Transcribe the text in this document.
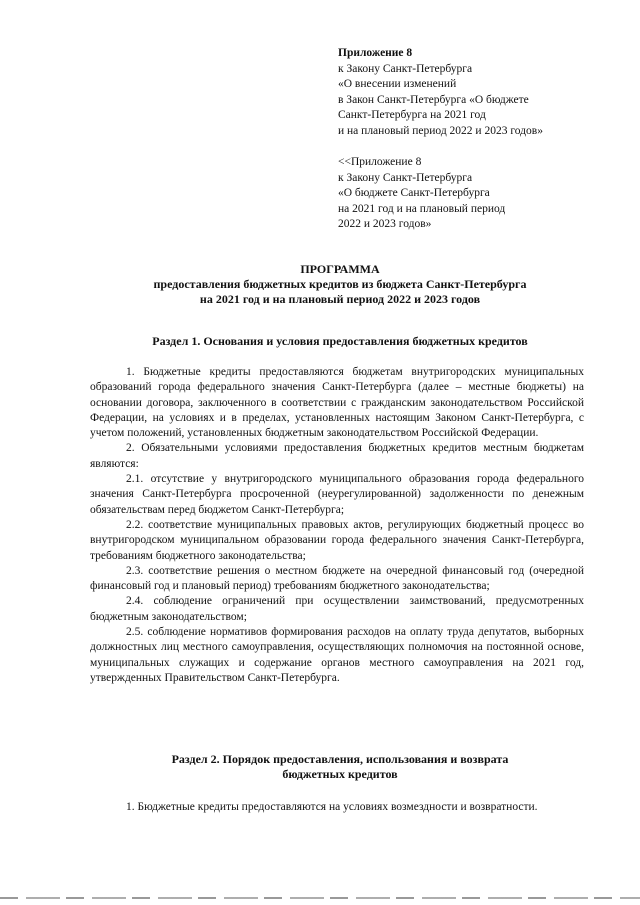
Приложение 8
к Закону Санкт-Петербурга
«О внесении изменений
в Закон Санкт-Петербурга «О бюджете
Санкт-Петербурга на 2021 год
и на плановый период 2022 и 2023 годов»
<<Приложение 8
к Закону Санкт-Петербурга
«О бюджете Санкт-Петербурга
на 2021 год и на плановый период
2022 и 2023 годов»
ПРОГРАММА
предоставления бюджетных кредитов из бюджета Санкт-Петербурга
на 2021 год и на плановый период 2022 и 2023 годов
Раздел 1. Основания и условия предоставления бюджетных кредитов

1. Бюджетные кредиты предоставляются бюджетам внутригородских муниципальных образований города федерального значения Санкт-Петербурга (далее – местные бюджеты) на основании договора, заключенного в соответствии с гражданским законодательством Российской Федерации, на условиях и в пределах, установленных настоящим Законом Санкт-Петербурга, с учетом положений, установленных бюджетным законодательством Российской Федерации.

2. Обязательными условиями предоставления бюджетных кредитов местным бюджетам являются:

2.1. отсутствие у внутригородского муниципального образования города федерального значения Санкт-Петербурга просроченной (неурегулированной) задолженности по денежным обязательствам перед бюджетом Санкт-Петербурга;

2.2. соответствие муниципальных правовых актов, регулирующих бюджетный процесс во внутригородском муниципальном образовании города федерального значения Санкт-Петербурга, требованиям бюджетного законодательства;

2.3. соответствие решения о местном бюджете на очередной финансовый год (очередной финансовый год и плановый период) требованиям бюджетного законодательства;

2.4. соблюдение ограничений при осуществлении заимствований, предусмотренных бюджетным законодательством;

2.5. соблюдение нормативов формирования расходов на оплату труда депутатов, выборных должностных лиц местного самоуправления, осуществляющих полномочия на постоянной основе, муниципальных служащих и содержание органов местного самоуправления на 2021 год, утвержденных Правительством Санкт-Петербурга.

Раздел 2. Порядок предоставления, использования и возврата
бюджетных кредитов

1. Бюджетные кредиты предоставляются на условиях возмездности и возвратности.
